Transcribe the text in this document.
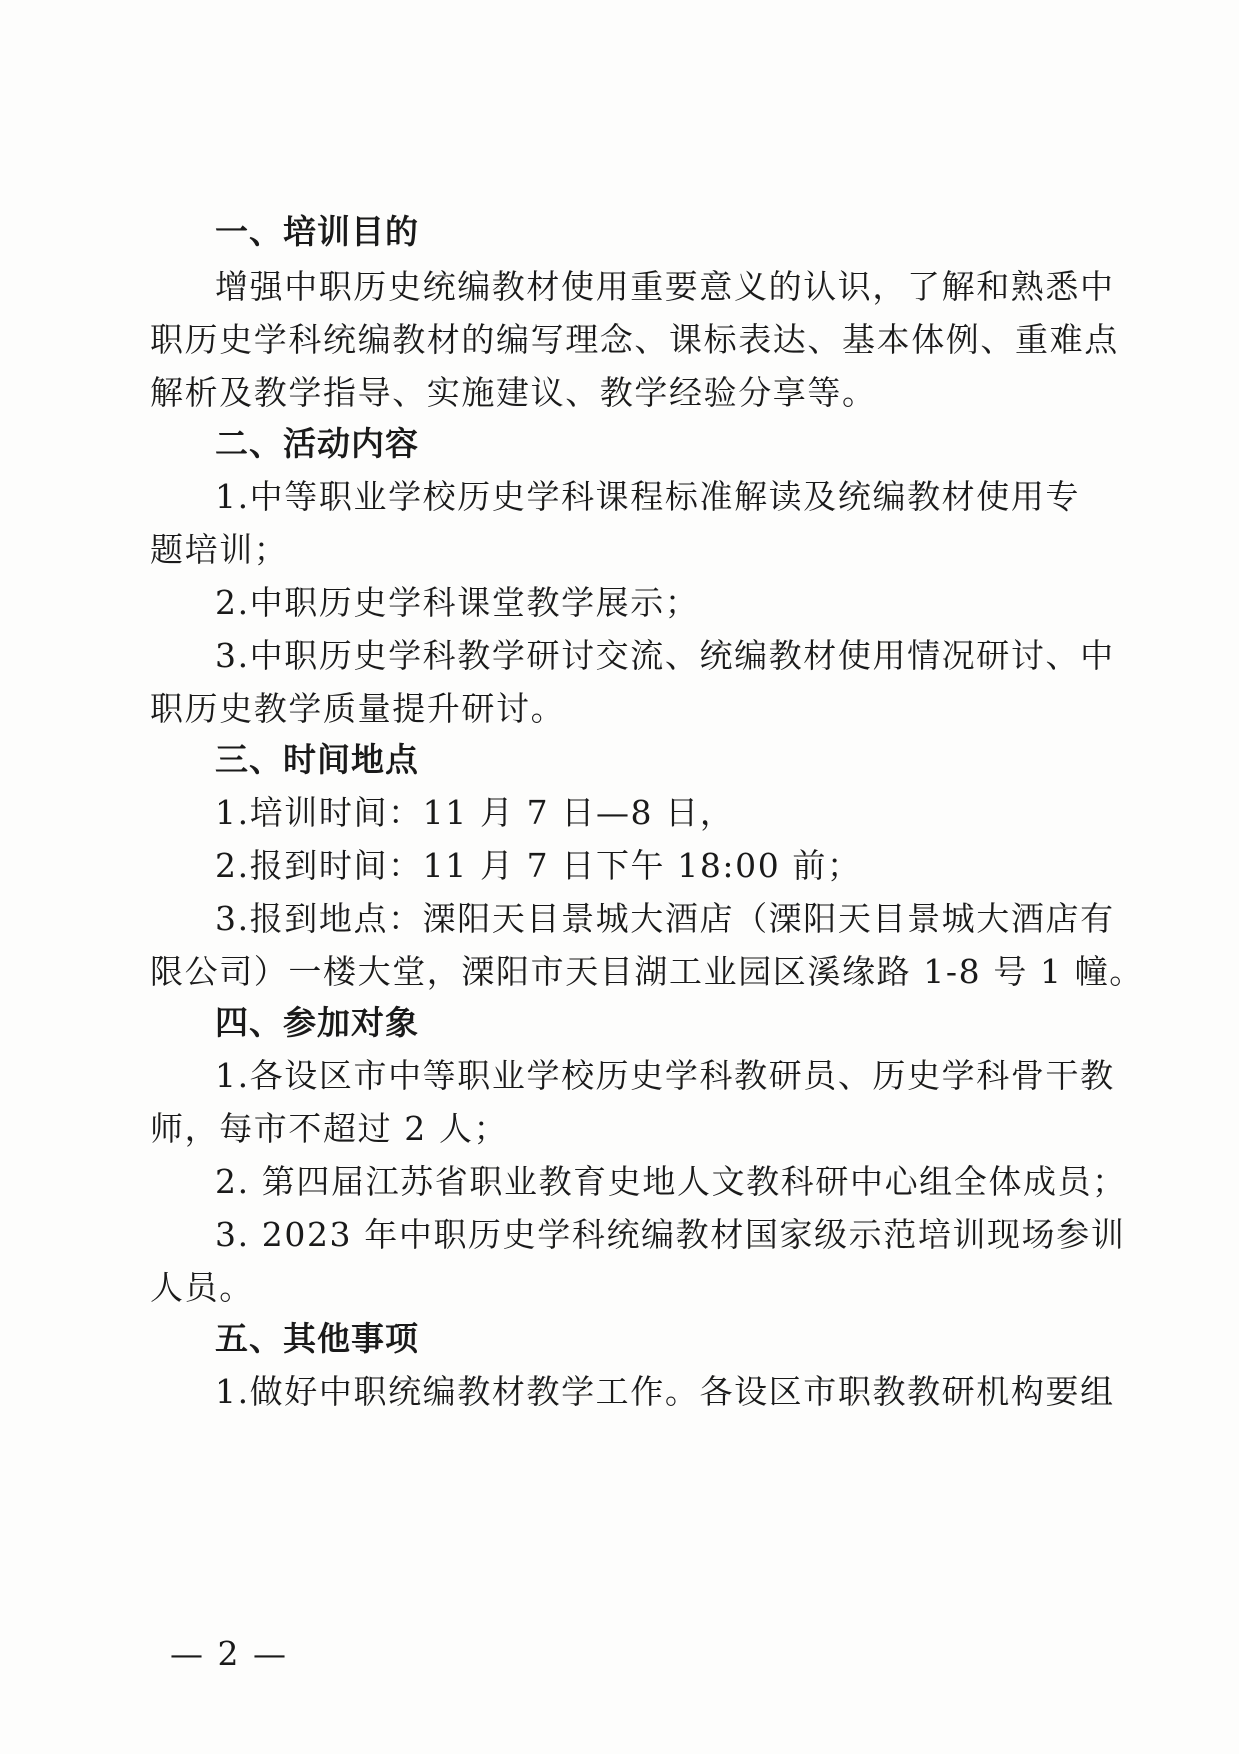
一、培训目的
增强中职历史统编教材使用重要意义的认识，了解和熟悉中
职历史学科统编教材的编写理念、课标表达、基本体例、重难点
解析及教学指导、实施建议、教学经验分享等。
二、活动内容
1.中等职业学校历史学科课程标准解读及统编教材使用专
题培训；
2.中职历史学科课堂教学展示；
3.中职历史学科教学研讨交流、统编教材使用情况研讨、中
职历史教学质量提升研讨。
三、时间地点
1.培训时间：11 月 7 日—8 日，
2.报到时间：11 月 7 日下午 18:00 前；
3.报到地点：溧阳天目景城大酒店（溧阳天目景城大酒店有
限公司）一楼大堂，溧阳市天目湖工业园区溪缘路 1-8 号 1 幢。
四、参加对象
1.各设区市中等职业学校历史学科教研员、历史学科骨干教
师，每市不超过 2 人；
2. 第四届江苏省职业教育史地人文教科研中心组全体成员；
3. 2023 年中职历史学科统编教材国家级示范培训现场参训
人员。
五、其他事项
1.做好中职统编教材教学工作。各设区市职教教研机构要组
— 2 —
